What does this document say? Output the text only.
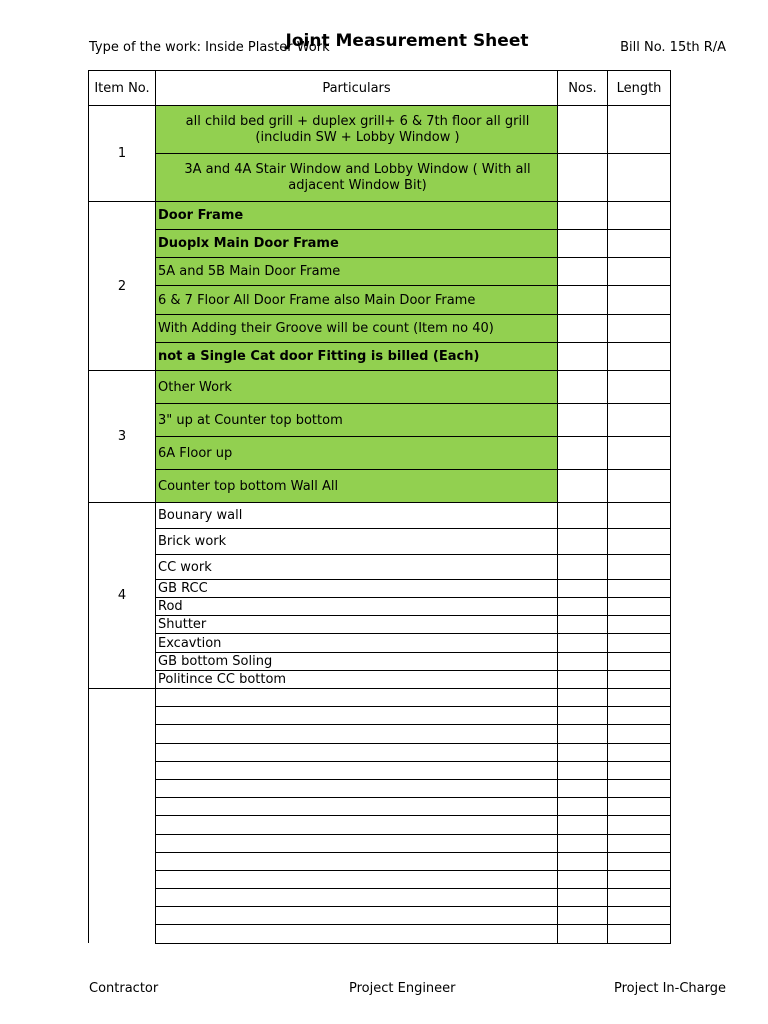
Type of the work: Inside Plaster Work
Joint Measurement Sheet	Bill No. 15th R/A
Item No.	Particulars	Nos.	Length
1	all child bed grill + duplex grill+ 6 & 7th floor all grill (includin SW + Lobby Window )		
	3A and 4A Stair Window and Lobby Window ( With all adjacent Window Bit)		
2	Door Frame		
	Duoplx Main Door Frame		
	5A and 5B Main Door Frame		
	6 & 7 Floor All Door Frame also Main Door Frame		
	With Adding their Groove will be count (Item no 40)		
	not a Single Cat door Fitting is billed (Each)		
3	Other Work		
	3" up at Counter top bottom		
	6A Floor up		
	Counter top bottom Wall All		
4	Bounary wall		
	Brick work		
	CC work		
	GB RCC		
	Rod		
	Shutter		
	Excavtion		
	GB bottom Soling		
	Politince CC bottom		

Contractor	Project Engineer	Project In-Charge
